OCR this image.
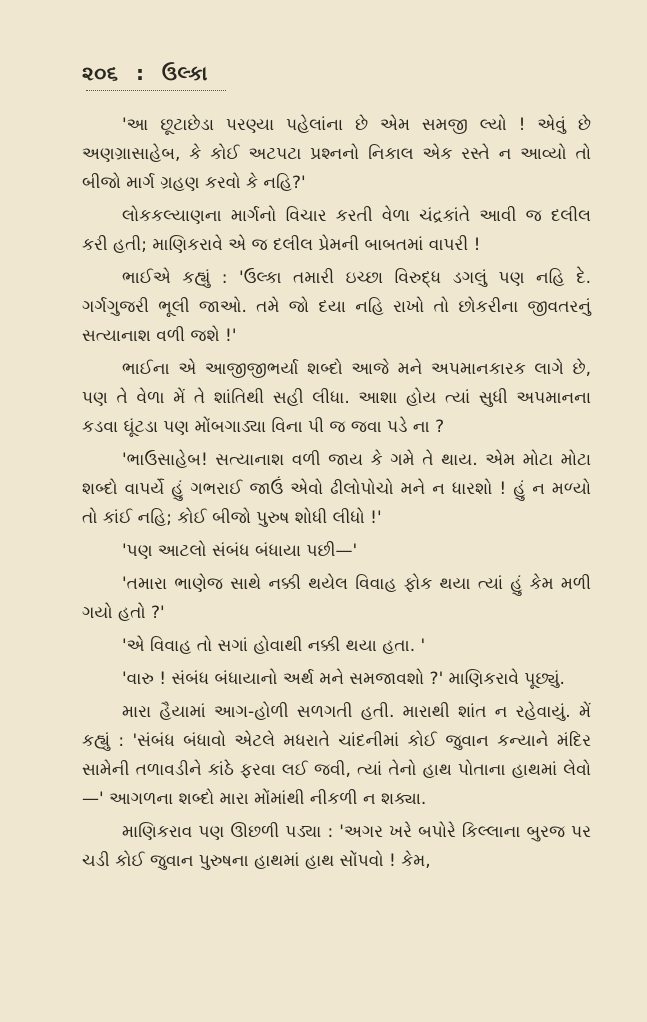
૨૦૬ : ઉલ્કા

'આ છૂટાછેડા પરણ્યા પહેલાંના છે એમ સમજી લ્યો ! એવું છે અણગ્રાસાહેબ, કે કોઈ અટપટા પ્રશ્નનો નિકાલ એક રસ્તે ન આવ્યો તો બીજો માર્ગ ગ્રહણ કરવો કે નહિ?'

લોકકલ્યાણના માર્ગનો વિચાર કરતી વેળા ચંદ્રકાંતે આવી જ દલીલ કરી હતી; માણિકરાવે એ જ દલીલ પ્રેમની બાબતમાં વાપરી !

ભાઈએ કહ્યું : 'ઉલ્કા તમારી ઇચ્છા વિરુદ્ધ ડગલું પણ નહિ દે. ગર્ગગુજરી ભૂલી જાઓ. તમે જો દયા નહિ રાખો તો છોકરીના જીવતરનું સત્યાનાશ વળી જશે !'

ભાઈના એ આજીજીભર્યા શબ્દો આજે મને અપમાનકારક લાગે છે, પણ તે વેળા મેં તે શાંતિથી સહી લીધા. આશા હોય ત્યાં સુધી અપમાનના કડવા ઘૂંટડા પણ મોંબગાડ્યા વિના પી જ જવા પડે ના ?

'ભાઉસાહેબ! સત્યાનાશ વળી જાય કે ગમે તે થાય. એમ મોટા મોટા શબ્દો વાપર્યે હું ગભરાઈ જાઉં એવો ઢીલોપોચો મને ન ધારશો ! હું ન મળ્યો તો કાંઈ નહિ; કોઈ બીજો પુરુષ શોધી લીધો !'

'પણ આટલો સંબંધ બંધાયા પછી—'

'તમારા ભાણેજ સાથે નક્કી થયેલ વિવાહ ફોક થયા ત્યાં હું કેમ મળી ગયો હતો ?'

'એ વિવાહ તો સગાં હોવાથી નક્કી થયા હતા. '

'વારુ ! સંબંધ બંધાયાનો અર્થ મને સમજાવશો ?' માણિકરાવે પૂછ્યું.

મારા હૈયામાં આગ-હોળી સળગતી હતી. મારાથી શાંત ન રહેવાયું. મેં કહ્યું : 'સંબંધ બંધાવો એટલે મધરાતે ચાંદનીમાં કોઈ જુવાન કન્યાને મંદિર સામેની તળાવડીને કાંઠે ફરવા લઈ જવી, ત્યાં તેનો હાથ પોતાના હાથમાં લેવો—' આગળના શબ્દો મારા મોંમાંથી નીકળી ન શક્યા.

માણિકરાવ પણ ઊછળી પડ્યા : 'અગર ખરે બપોરે કિલ્લાના બુરજ પર ચડી કોઈ જુવાન પુરુષના હાથમાં હાથ સોંપવો ! કેમ,
